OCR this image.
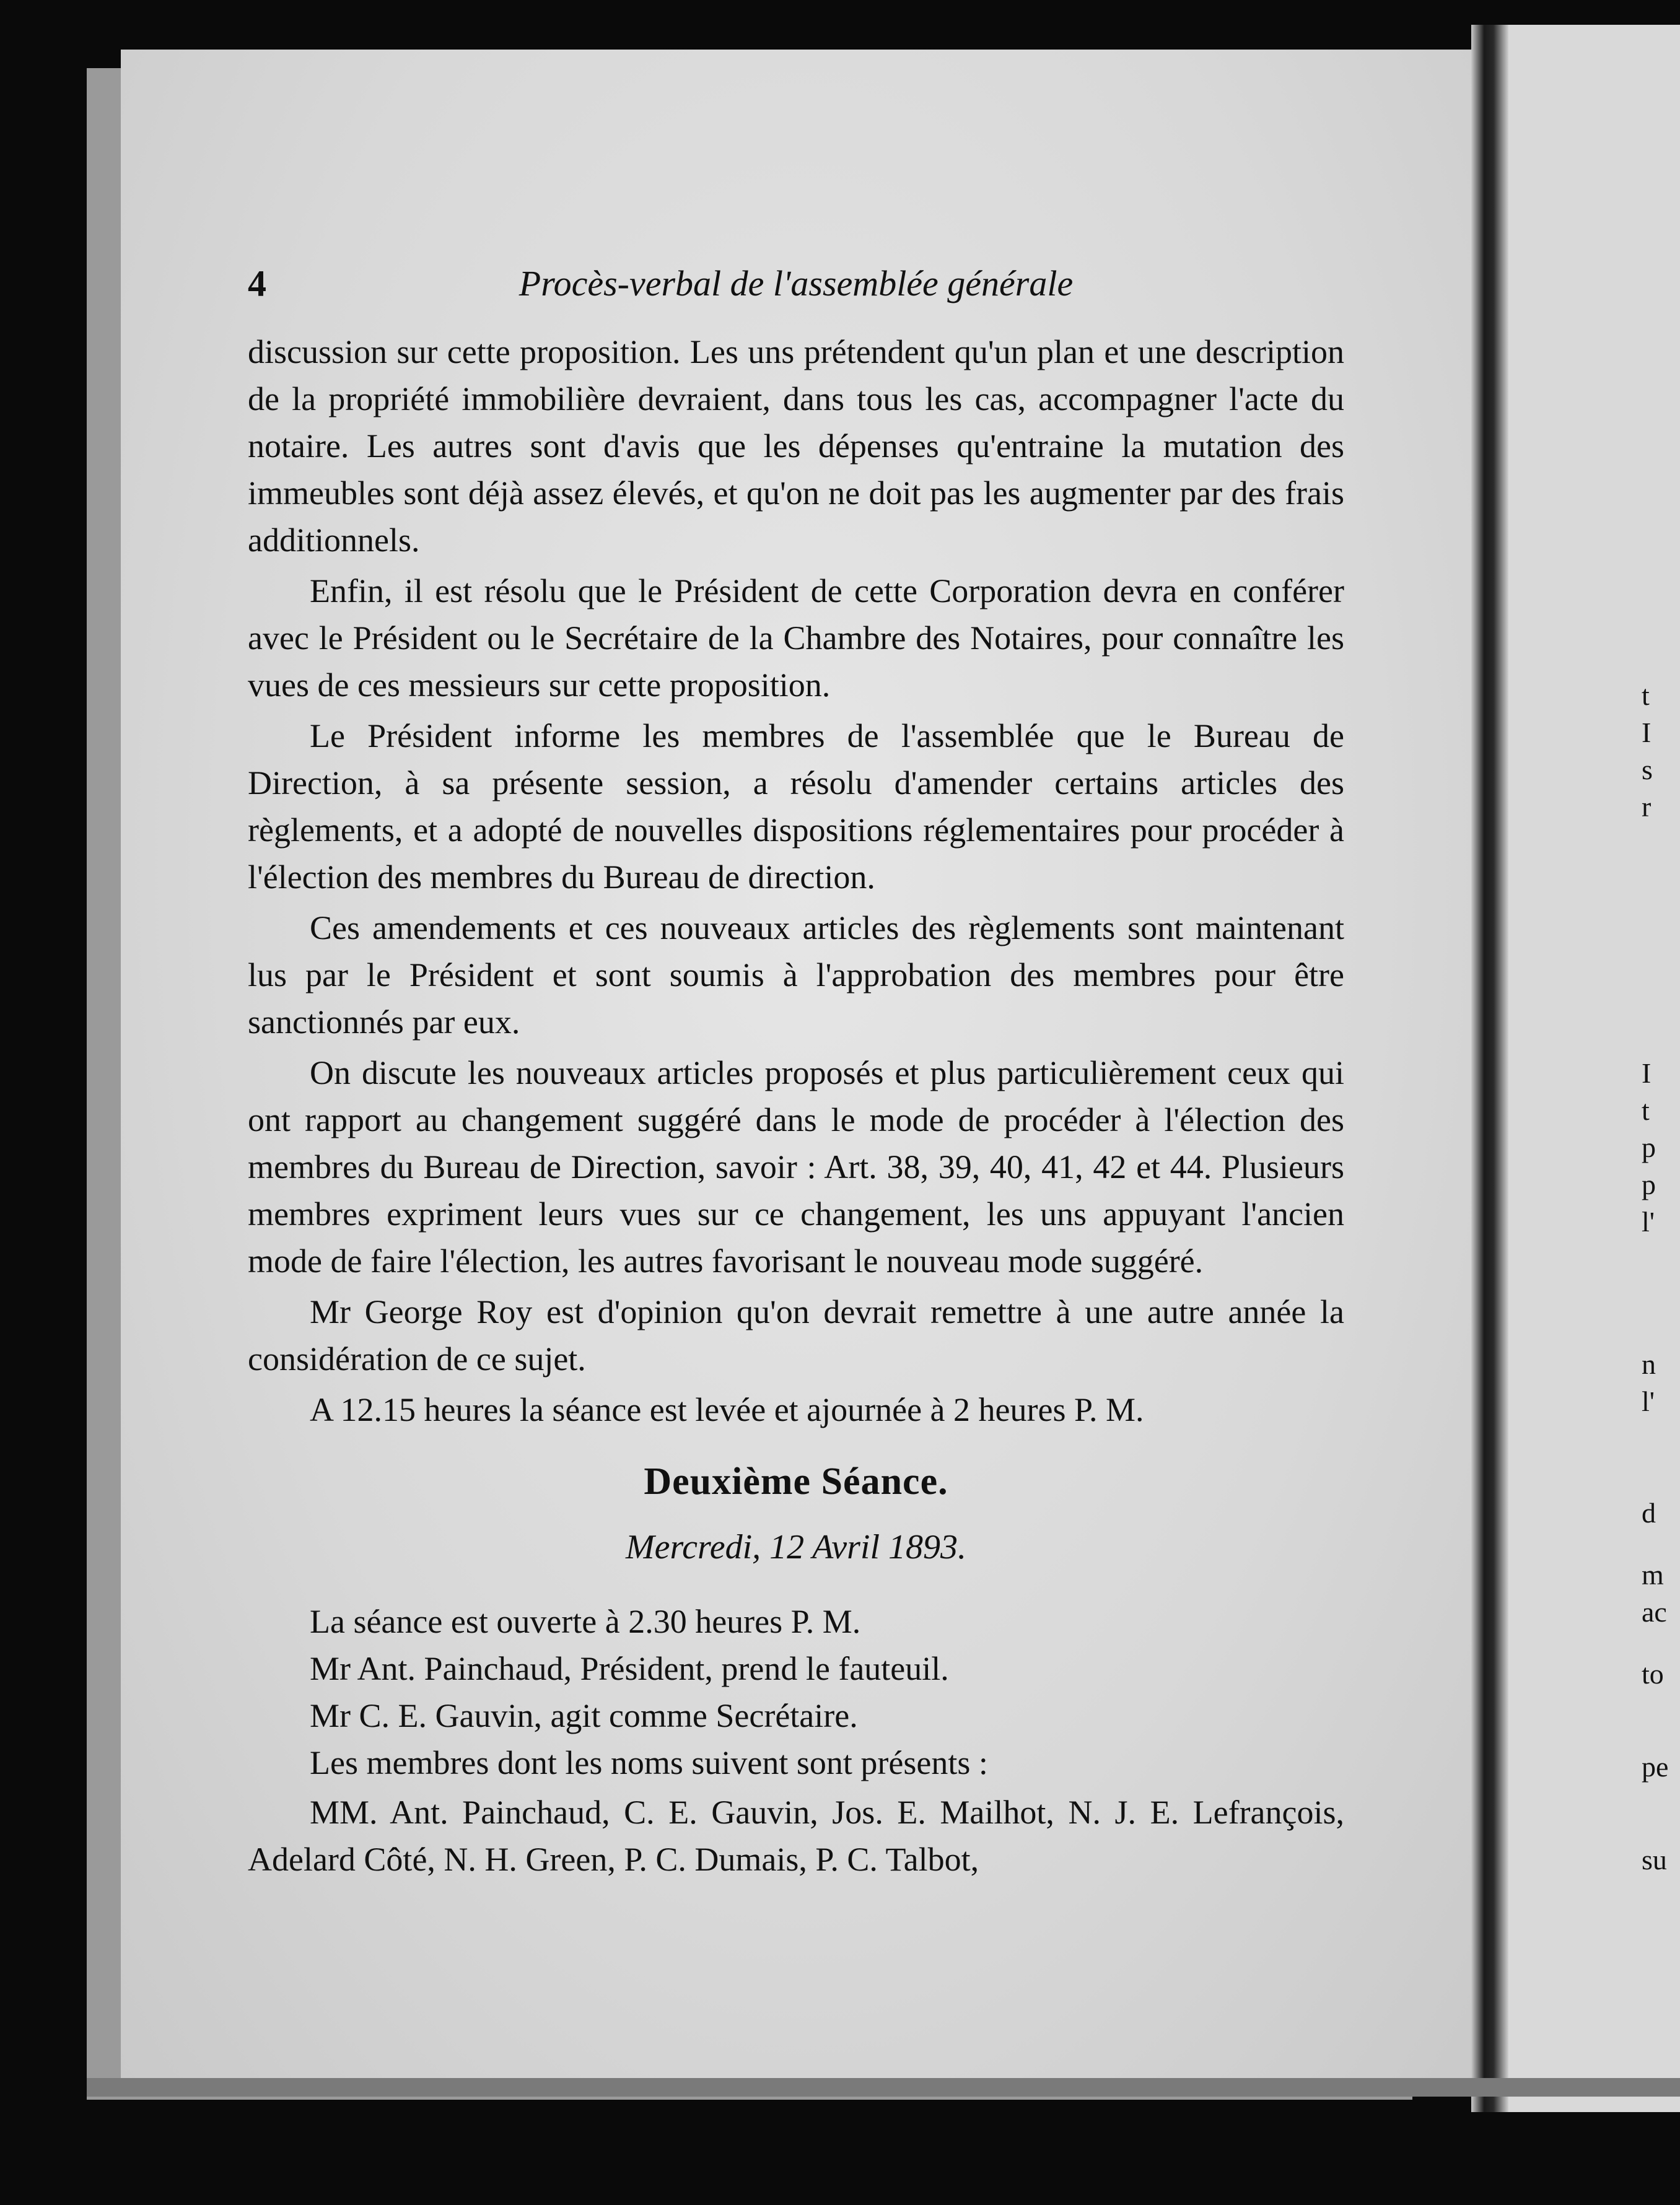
t
I
s
r
I
t
p
p
l'
n
l'
d
m
ac
to
pe
su
4	Procès-verbal de l'assemblée générale

discussion sur cette proposition. Les uns prétendent qu'un plan et une description de la propriété immobilière devraient, dans tous les cas, accompagner l'acte du notaire. Les autres sont d'avis que les dépenses qu'entraine la mutation des immeubles sont déjà assez élevés, et qu'on ne doit pas les augmenter par des frais additionnels.

Enfin, il est résolu que le Président de cette Corporation devra en conférer avec le Président ou le Secrétaire de la Chambre des Notaires, pour connaître les vues de ces messieurs sur cette proposition.

Le Président informe les membres de l'assemblée que le Bureau de Direction, à sa présente session, a résolu d'amender certains articles des règlements, et a adopté de nouvelles dispositions réglementaires pour procéder à l'élection des membres du Bureau de direction.

Ces amendements et ces nouveaux articles des règlements sont maintenant lus par le Président et sont soumis à l'approbation des membres pour être sanctionnés par eux.

On discute les nouveaux articles proposés et plus particulièrement ceux qui ont rapport au changement suggéré dans le mode de procéder à l'élection des membres du Bureau de Direction, savoir : Art. 38, 39, 40, 41, 42 et 44. Plusieurs membres expriment leurs vues sur ce changement, les uns appuyant l'ancien mode de faire l'élection, les autres favorisant le nouveau mode suggéré.

Mr George Roy est d'opinion qu'on devrait remettre à une autre année la considération de ce sujet.

A 12.15 heures la séance est levée et ajournée à 2 heures P. M.

Deuxième Séance.
Mercredi, 12 Avril 1893.

La séance est ouverte à 2.30 heures P. M.

Mr Ant. Painchaud, Président, prend le fauteuil.

Mr C. E. Gauvin, agit comme Secrétaire.

Les membres dont les noms suivent sont présents :

MM. Ant. Painchaud, C. E. Gauvin, Jos. E. Mailhot, N. J. E. Lefrançois, Adelard Côté, N. H. Green, P. C. Dumais, P. C. Talbot,
